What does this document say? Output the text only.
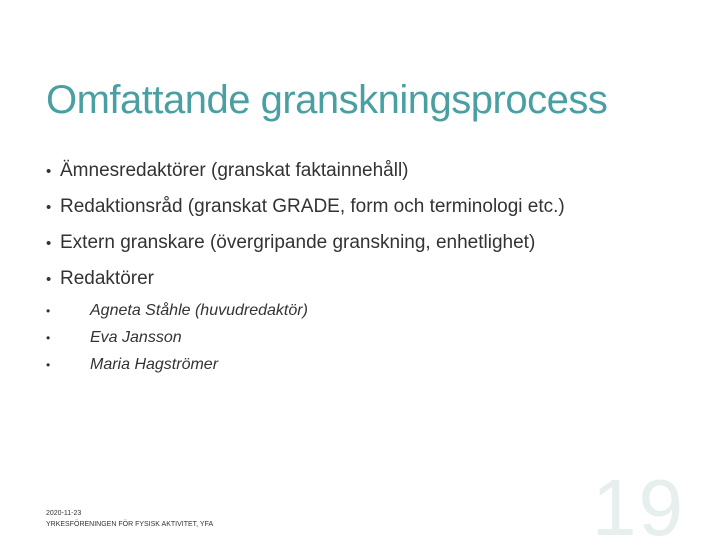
Omfattande granskningsprocess
• Ämnesredaktörer (granskat faktainnehåll)
• Redaktionsråd (granskat GRADE, form och terminologi etc.)
• Extern granskare (övergripande granskning, enhetlighet)
• Redaktörer
•	Agneta Ståhle (huvudredaktör)
•	Eva Jansson
•	Maria Hagströmer
2020-11-23
YRKESFÖRENINGEN FÖR FYSISK AKTIVITET, YFA	19
